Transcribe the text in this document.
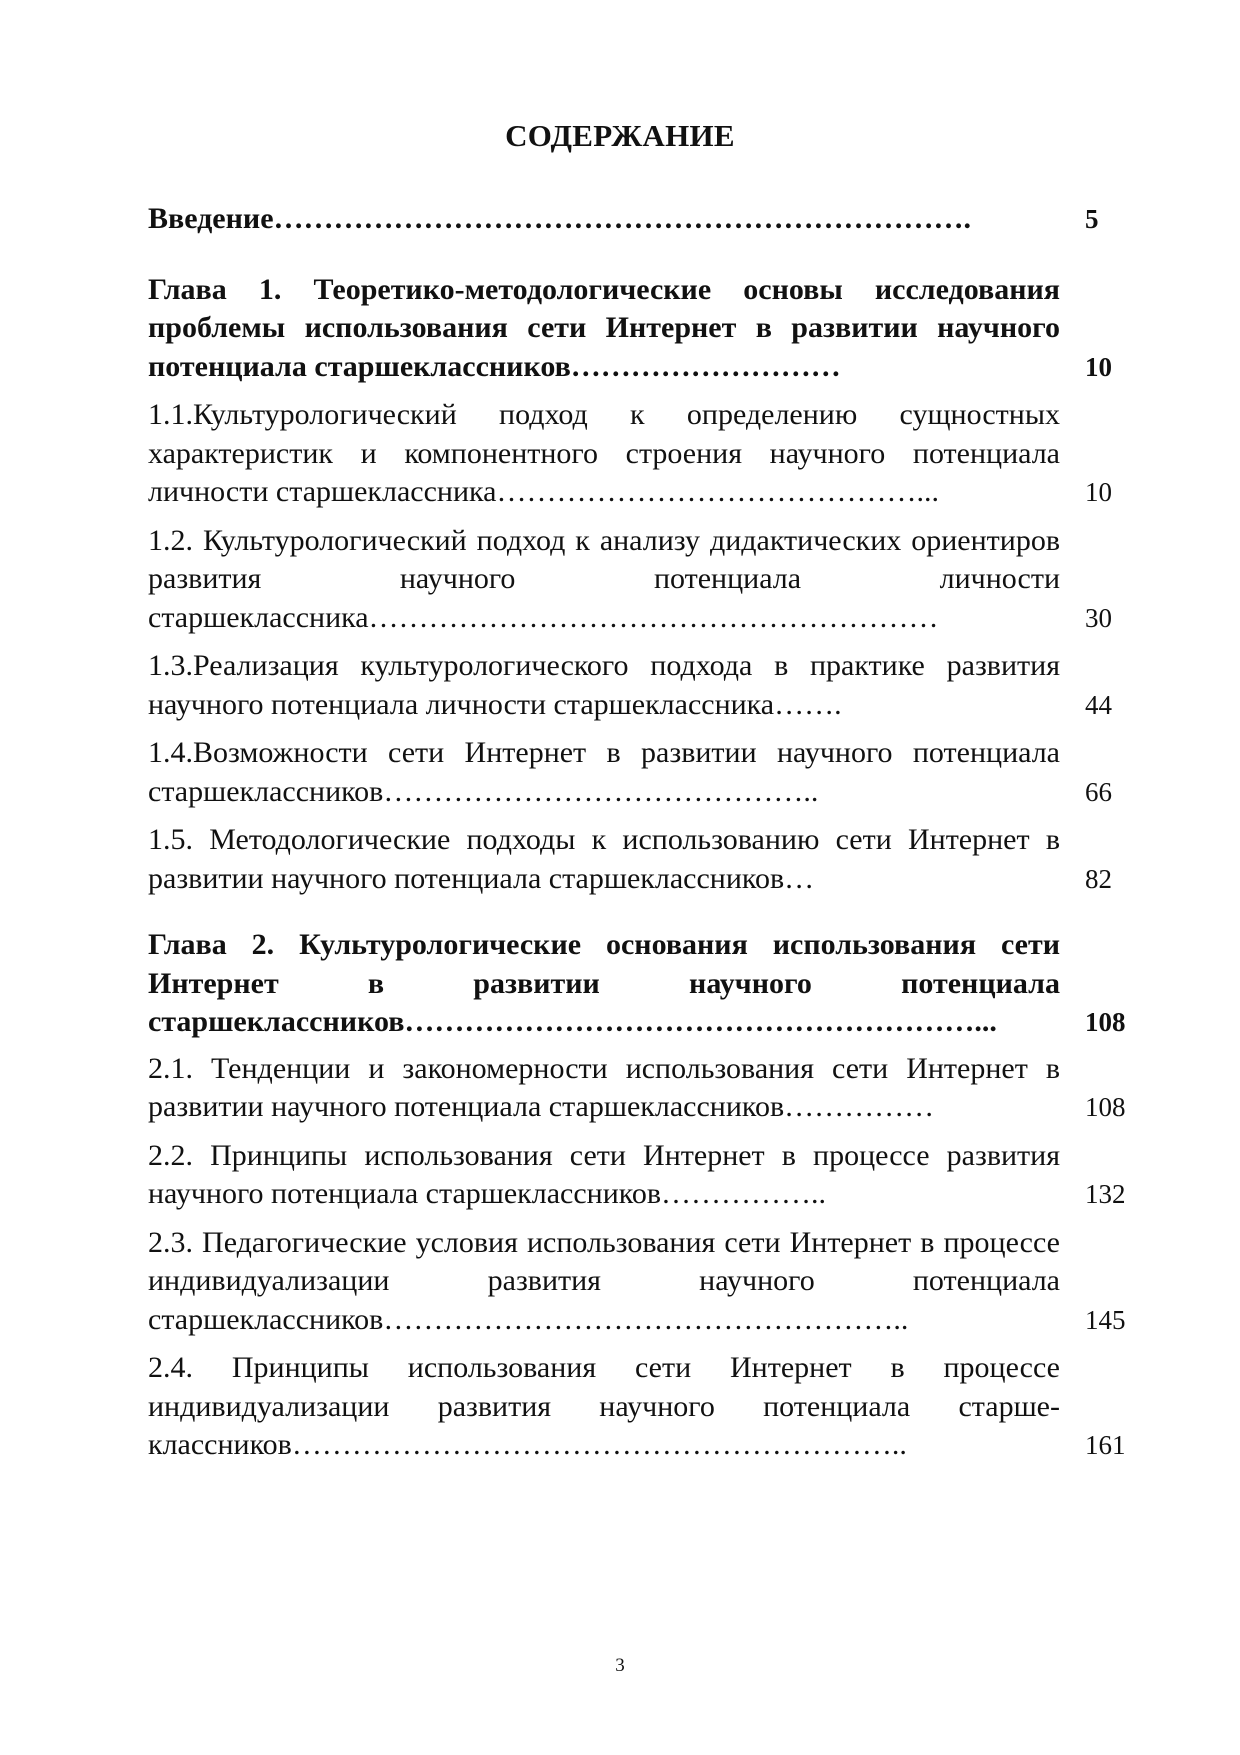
СОДЕРЖАНИЕ
Введение…………………………………………………………….	5
Глава 1. Теоретико-методологические основы исследования проблемы использования сети Интернет в развитии научного потенциала старшеклассников………………………	10
1.1.Культурологический подход к определению сущностных характеристик и компонентного строения научного потенциала личности старшеклассника……………………………………...	10
1.2. Культурологический подход к анализу дидактических ориентиров развития научного потенциала личности старшеклассника…………………………………………………	30
1.3.Реализация культурологического подхода в практике развития научного потенциала личности старшеклассника…….	44
1.4.Возможности сети Интернет в развитии научного потенциала старшеклассников……………………………………..	66
1.5. Методологические подходы к использованию сети Интернет в развитии научного потенциала старшеклассников…	82
Глава 2. Культурологические основания использования сети Интернет в развитии научного потенциала старшеклассников…………………………………………………...	108
2.1. Тенденции и закономерности использования сети Интернет в развитии научного потенциала старшеклассников……………	108
2.2. Принципы использования сети Интернет в процессе развития научного потенциала старшеклассников……………..	132
2.3. Педагогические условия использования сети Интернет в процессе индивидуализации развития научного потенциала старшеклассников……………………………………………..	145
2.4. Принципы использования сети Интернет в процессе индивидуализации развития научного потенциала старше-классников……………………………………………………..	161
3
